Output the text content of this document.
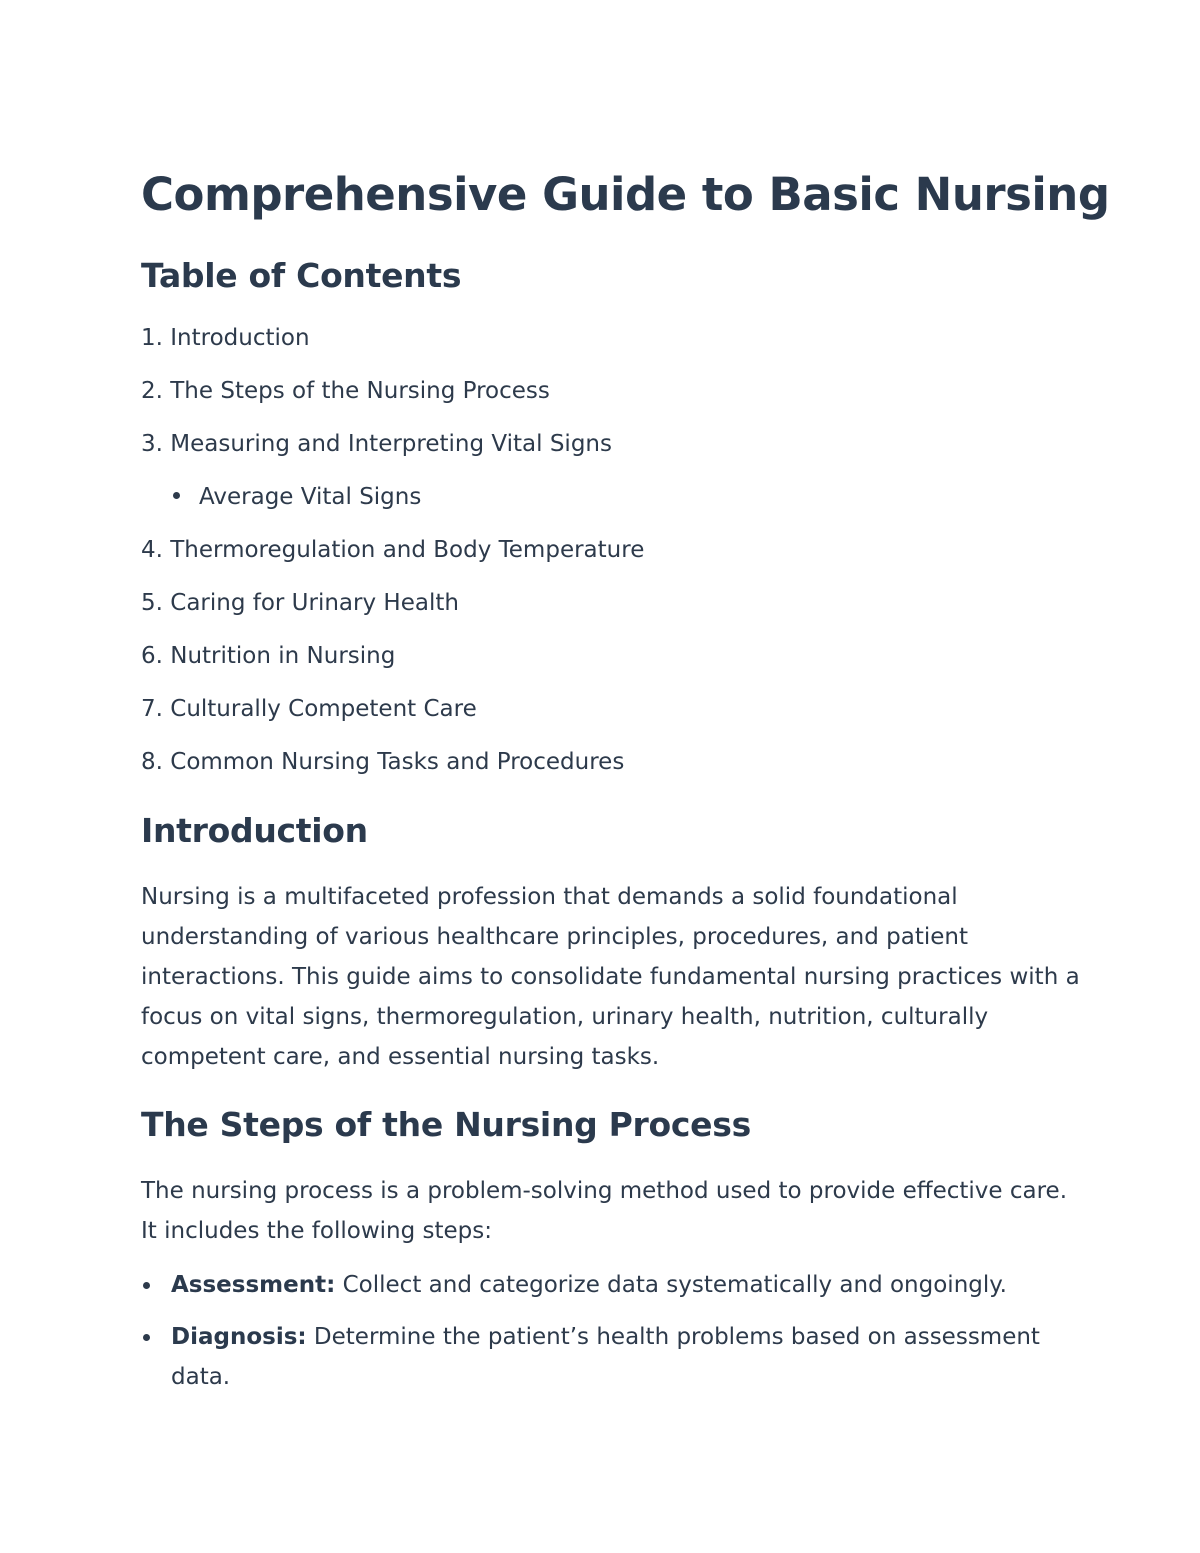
Comprehensive Guide to Basic Nursing
Table of Contents
1. Introduction
2. The Steps of the Nursing Process
3. Measuring and Interpreting Vital Signs
Average Vital Signs
4. Thermoregulation and Body Temperature
5. Caring for Urinary Health
6. Nutrition in Nursing
7. Culturally Competent Care
8. Common Nursing Tasks and Procedures
Introduction

Nursing is a multifaceted profession that demands a solid foundational understanding of various healthcare principles, procedures, and patient interactions. This guide aims to consolidate fundamental nursing practices with a focus on vital signs, thermoregulation, urinary health, nutrition, culturally competent care, and essential nursing tasks.

The Steps of the Nursing Process

The nursing process is a problem-solving method used to provide effective care. It includes the following steps:

Assessment: Collect and categorize data systematically and ongoingly.
Diagnosis: Determine the patient’s health problems based on assessment data.
